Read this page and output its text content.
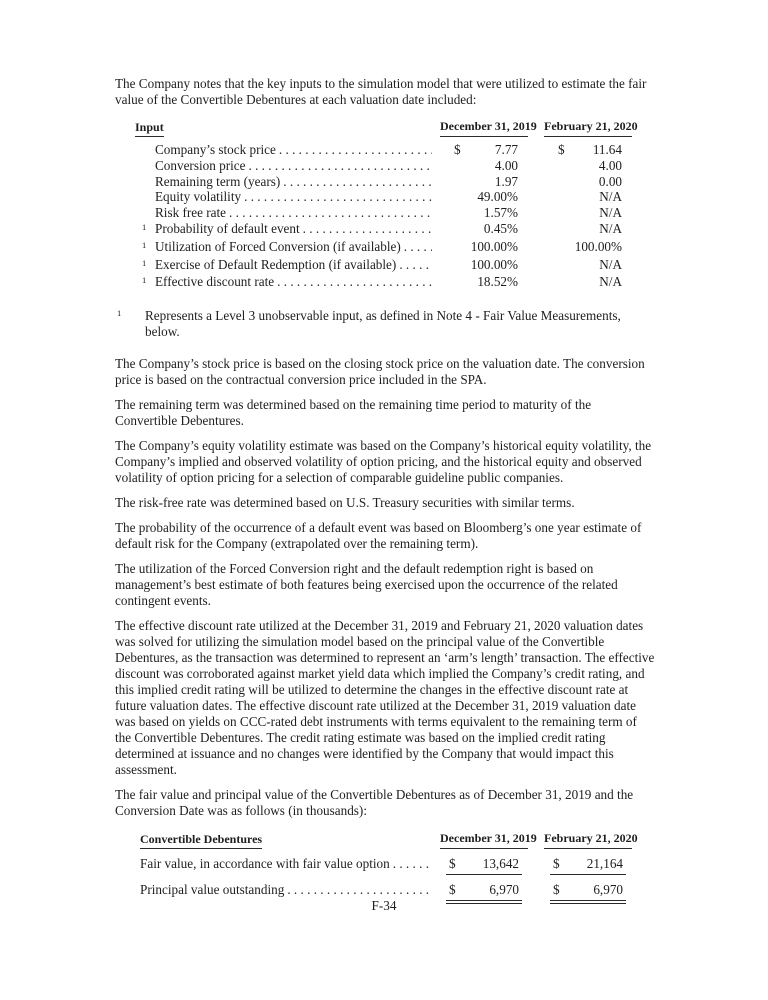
The Company notes that the key inputs to the simulation model that were utilized to estimate the fair value of the Convertible Debentures at each valuation date included:

Input	December 31, 2019 February 21, 2020
Company’s stock price . .	$	7.77	$ 11.64
Conversion price . .	4.00	4.00
Remaining term (years) . .	1.97	0.00
Equity volatility . .	49.00%	N/A
Risk free rate . .	1.57%	N/A
1 Probability of default event . .	0.45%	N/A
1 Utilization of Forced Conversion (if available) . .	100.00%	100.00%
1 Exercise of Default Redemption (if available) . .	100.00%	N/A
1 Effective discount rate . .	18.52%	N/A
1	Represents a Level 3 unobservable input, as defined in Note 4 - Fair Value Measurements, below.

The Company’s stock price is based on the closing stock price on the valuation date. The conversion price is based on the contractual conversion price included in the SPA.

The remaining term was determined based on the remaining time period to maturity of the Convertible Debentures.

The Company’s equity volatility estimate was based on the Company’s historical equity volatility, the Company’s implied and observed volatility of option pricing, and the historical equity and observed volatility of option pricing for a selection of comparable guideline public companies.

The risk-free rate was determined based on U.S. Treasury securities with similar terms.

The probability of the occurrence of a default event was based on Bloomberg’s one year estimate of default risk for the Company (extrapolated over the remaining term).

The utilization of the Forced Conversion right and the default redemption right is based on management’s best estimate of both features being exercised upon the occurrence of the related contingent events.

The effective discount rate utilized at the December 31, 2019 and February 21, 2020 valuation dates was solved for utilizing the simulation model based on the principal value of the Convertible Debentures, as the transaction was determined to represent an ‘arm’s length’ transaction. The effective discount was corroborated against market yield data which implied the Company’s credit rating, and this implied credit rating will be utilized to determine the changes in the effective discount rate at future valuation dates. The effective discount rate utilized at the December 31, 2019 valuation date was based on yields on CCC-rated debt instruments with terms equivalent to the remaining term of the Convertible Debentures. The credit rating estimate was based on the implied credit rating determined at issuance and no changes were identified by the Company that would impact this assessment.

The fair value and principal value of the Convertible Debentures as of December 31, 2019 and the Conversion Date was as follows (in thousands):

Convertible Debentures	December 31, 2019 February 21, 2020
Fair value, in accordance with fair value option . .	$ 13,642	$ 21,164
Principal value outstanding . .	$	6,970	$	6,970
F-34
